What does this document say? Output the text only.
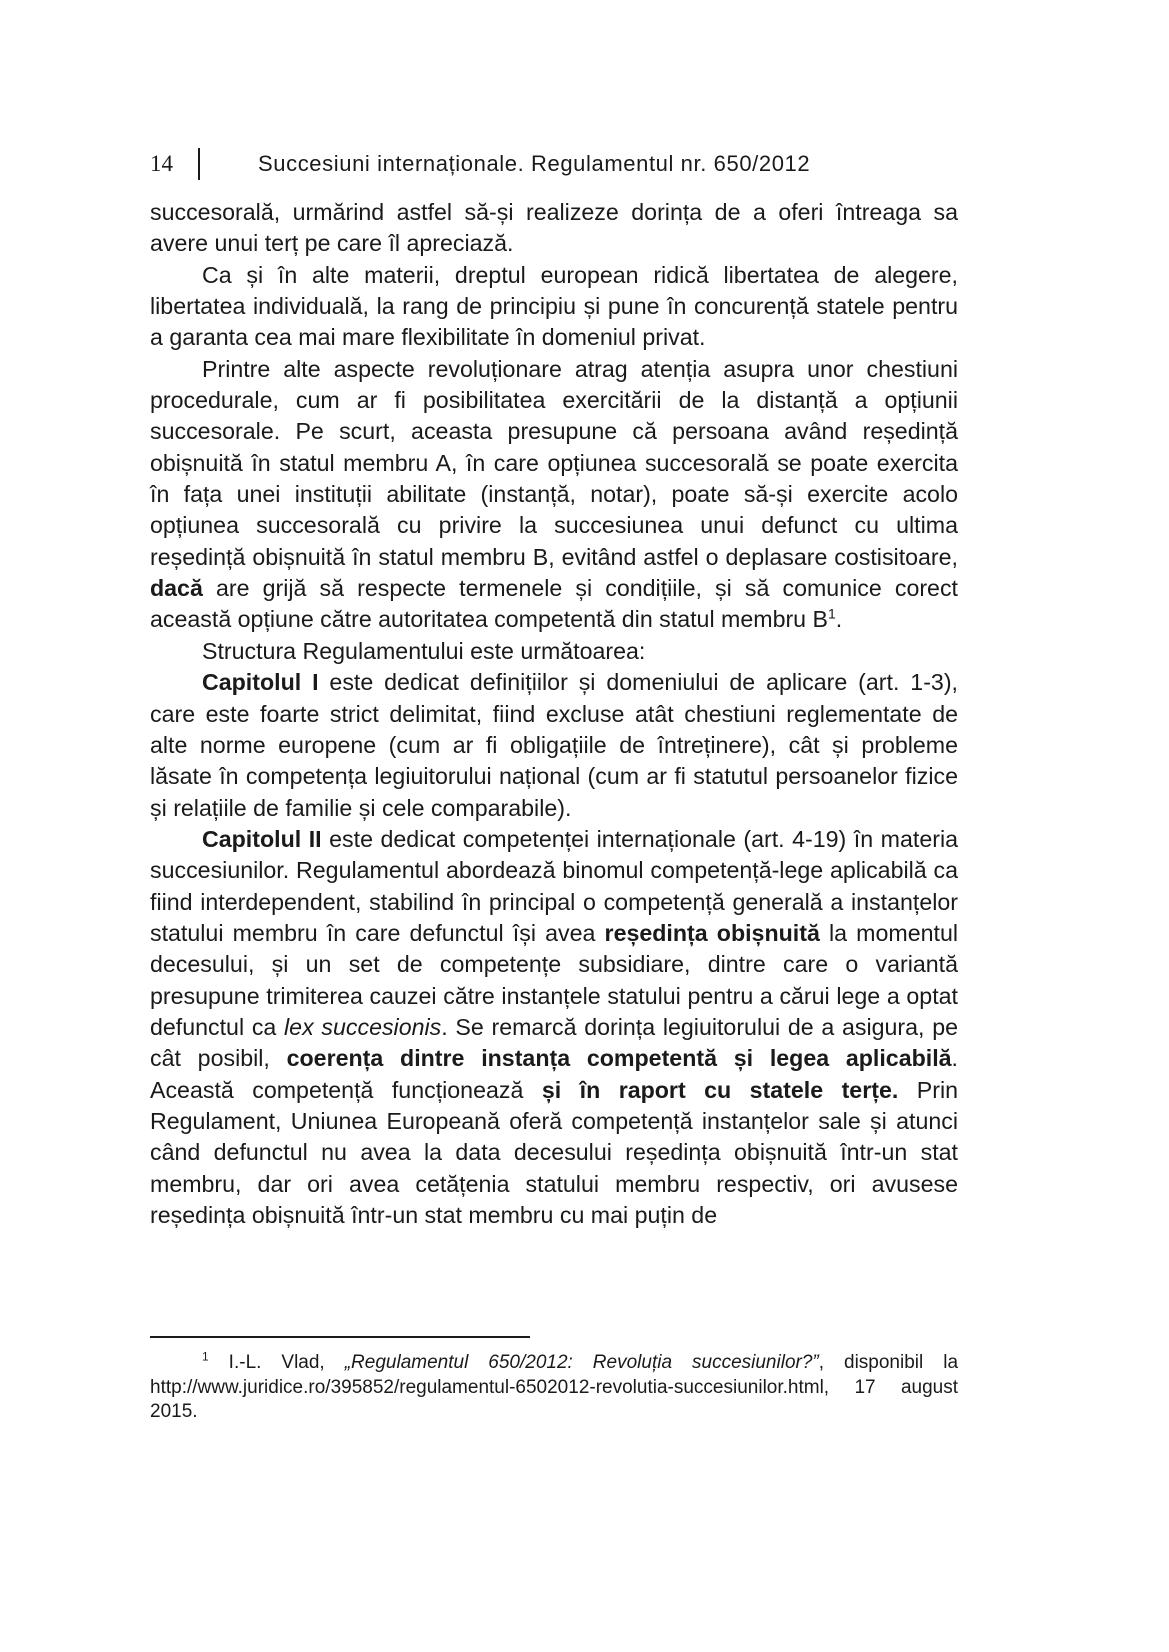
14	Succesiuni internaționale. Regulamentul nr. 650/2012

succesorală, urmărind astfel să-și realizeze dorința de a oferi întreaga sa avere unui terț pe care îl apreciază.

Ca și în alte materii, dreptul european ridică libertatea de alegere, libertatea individuală, la rang de principiu și pune în concurență statele pentru a garanta cea mai mare flexibilitate în domeniul privat.

Printre alte aspecte revoluționare atrag atenția asupra unor chestiuni procedurale, cum ar fi posibilitatea exercitării de la distanță a opțiunii succesorale. Pe scurt, aceasta presupune că persoana având reședință obișnuită în statul membru A, în care opțiunea succesorală se poate exercita în fața unei instituții abilitate (instanță, notar), poate să-și exercite acolo opțiunea succesorală cu privire la succesiunea unui defunct cu ultima reședință obișnuită în statul membru B, evitând astfel o deplasare costisitoare, dacă are grijă să respecte termenele și condițiile, și să comunice corect această opțiune către autoritatea competentă din statul membru $B^1$.

Structura Regulamentului este următoarea:

Capitolul I este dedicat definițiilor și domeniului de aplicare (art. 1-3), care este foarte strict delimitat, fiind excluse atât chestiuni reglementate de alte norme europene (cum ar fi obligațiile de întreținere), cât și probleme lăsate în competența legiuitorului național (cum ar fi statutul persoanelor fizice și relațiile de familie și cele comparabile).

Capitolul II este dedicat competenței internaționale (art. 4-19) în materia succesiunilor. Regulamentul abordează binomul competență-lege aplicabilă ca fiind interdependent, stabilind în principal o competență generală a instanțelor statului membru în care defunctul își avea reședința obișnuită la momentul decesului, și un set de competențe subsidiare, dintre care o variantă presupune trimiterea cauzei către instanțele statului pentru a cărui lege a optat defunctul ca lex succesionis. Se remarcă dorința legiuitorului de a asigura, pe cât posibil, coerența dintre instanța competentă și legea aplicabilă. Această competență funcționează și în raport cu statele terțe. Prin Regulament, Uniunea Europeană oferă competență instanțelor sale și atunci când defunctul nu avea la data decesului reședința obișnuită într-un stat membru, dar ori avea cetățenia statului membru respectiv, ori avusese reședința obișnuită într-un stat membru cu mai puțin de

$^1$ I.-L. Vlad, „Regulamentul 650/2012: Revoluția succesiunilor?”, disponibil la http://www.juridice.ro/395852/regulamentul-6502012-revolutia-succesiunilor.html, 17 august 2015.
